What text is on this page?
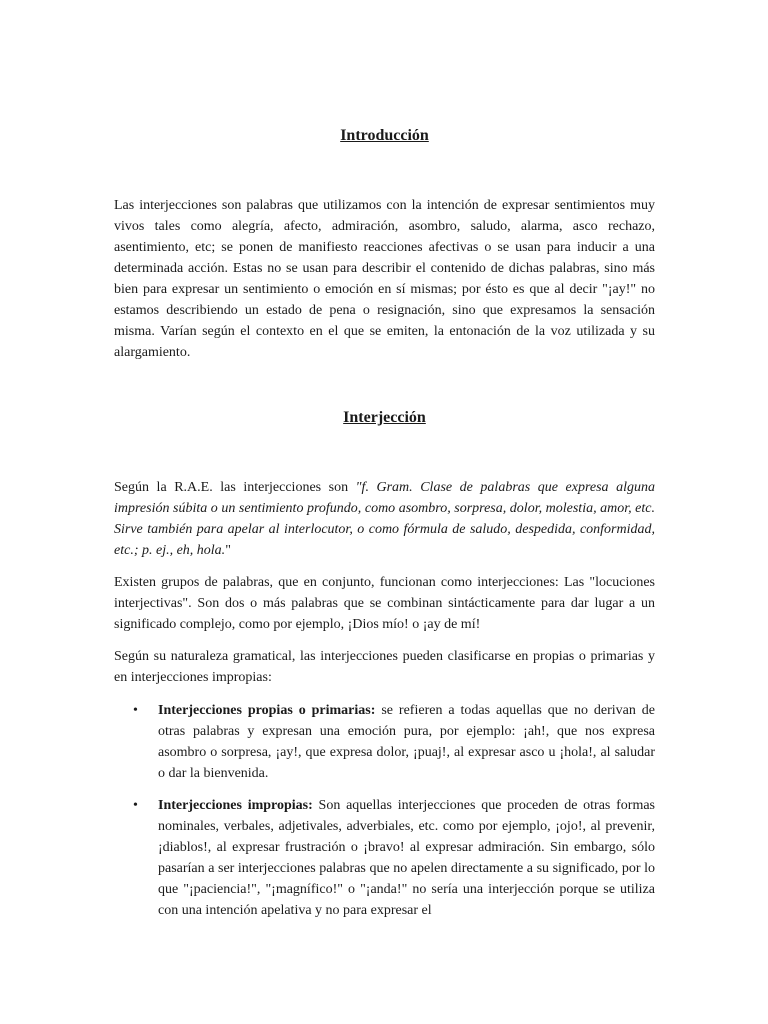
Introducción

Las interjecciones son palabras que utilizamos con la intención de expresar sentimientos muy vivos tales como alegría, afecto, admiración, asombro, saludo, alarma, asco rechazo, asentimiento, etc; se ponen de manifiesto reacciones afectivas o se usan para inducir a una determinada acción. Estas no se usan para describir el contenido de dichas palabras, sino más bien para expresar un sentimiento o emoción en sí mismas; por ésto es que al decir "¡ay!" no estamos describiendo un estado de pena o resignación, sino que expresamos la sensación misma. Varían según el contexto en el que se emiten, la entonación de la voz utilizada y su alargamiento.

Interjección

Según la R.A.E. las interjecciones son "f. Gram. Clase de palabras que expresa alguna impresión súbita o un sentimiento profundo, como asombro, sorpresa, dolor, molestia, amor, etc. Sirve también para apelar al interlocutor, o como fórmula de saludo, despedida, conformidad, etc.; p. ej., eh, hola."

Existen grupos de palabras, que en conjunto, funcionan como interjecciones: Las "locuciones interjectivas". Son dos o más palabras que se combinan sintácticamente para dar lugar a un significado complejo, como por ejemplo, ¡Dios mío! o ¡ay de mí!

Según su naturaleza gramatical, las interjecciones pueden clasificarse en propias o primarias y en interjecciones impropias:

• Interjecciones propias o primarias: se refieren a todas aquellas que no derivan de otras palabras y expresan una emoción pura, por ejemplo: ¡ah!, que nos expresa asombro o sorpresa, ¡ay!, que expresa dolor, ¡puaj!, al expresar asco u ¡hola!, al saludar o dar la bienvenida.
• Interjecciones impropias: Son aquellas interjecciones que proceden de otras formas nominales, verbales, adjetivales, adverbiales, etc. como por ejemplo, ¡ojo!, al prevenir, ¡diablos!, al expresar frustración o ¡bravo! al expresar admiración. Sin embargo, sólo pasarían a ser interjecciones palabras que no apelen directamente a su significado, por lo que "¡paciencia!", "¡magnífico!" o "¡anda!" no sería una interjección porque se utiliza con una intención apelativa y no para expresar el
